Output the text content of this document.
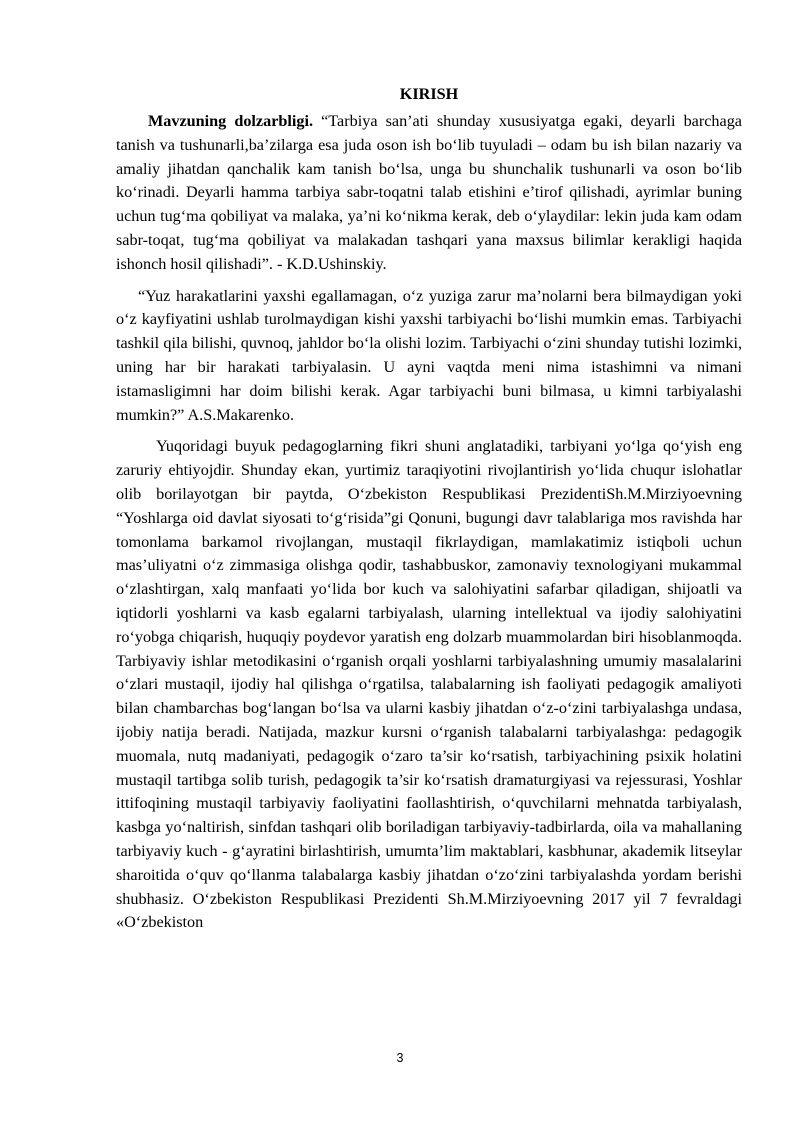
KIRISH

Mavzuning dolzarbligi. “Tarbiya san’ati shunday xususiyatga egaki, deyarli barchaga tanish va tushunarli,ba’zilarga esa juda oson ish bo‘lib tuyuladi – odam bu ish bilan nazariy va amaliy jihatdan qanchalik kam tanish bo‘lsa, unga bu shunchalik tushunarli va oson bo‘lib ko‘rinadi. Deyarli hamma tarbiya sabr-toqatni talab etishini e’tirof qilishadi, ayrimlar buning uchun tug‘ma qobiliyat va malaka, ya’ni ko‘nikma kerak, deb o‘ylaydilar: lekin juda kam odam sabr-toqat, tug‘ma qobiliyat va malakadan tashqari yana maxsus bilimlar kerakligi haqida ishonch hosil qilishadi”. - K.D.Ushinskiy.

“Yuz harakatlarini yaxshi egallamagan, o‘z yuziga zarur ma’nolarni bera bilmaydigan yoki o‘z kayfiyatini ushlab turolmaydigan kishi yaxshi tarbiyachi bo‘lishi mumkin emas. Tarbiyachi tashkil qila bilishi, quvnoq, jahldor bo‘la olishi lozim. Tarbiyachi o‘zini shunday tutishi lozimki, uning har bir harakati tarbiyalasin. U ayni vaqtda meni nima istashimni va nimani istamasligimni har doim bilishi kerak. Agar tarbiyachi buni bilmasa, u kimni tarbiyalashi mumkin?” A.S.Makarenko.

Yuqoridagi buyuk pedagoglarning fikri shuni anglatadiki, tarbiyani yo‘lga qo‘yish eng zaruriy ehtiyojdir. Shunday ekan, yurtimiz taraqiyotini rivojlantirish yo‘lida chuqur islohatlar olib borilayotgan bir paytda, O‘zbekiston Respublikasi PrezidentiSh.M.Mirziyoevning “Yoshlarga oid davlat siyosati to‘g‘risida”gi Qonuni, bugungi davr talablariga mos ravishda har tomonlama barkamol rivojlangan, mustaqil fikrlaydigan, mamlakatimiz istiqboli uchun mas’uliyatni o‘z zimmasiga olishga qodir, tashabbuskor, zamonaviy texnologiyani mukammal o‘zlashtirgan, xalq manfaati yo‘lida bor kuch va salohiyatini safarbar qiladigan, shijoatli va iqtidorli yoshlarni va kasb egalarni tarbiyalash, ularning intellektual va ijodiy salohiyatini ro‘yobga chiqarish, huquqiy poydevor yaratish eng dolzarb muammolardan biri hisoblanmoqda. Tarbiyaviy ishlar metodikasini o‘rganish orqali yoshlarni tarbiyalashning umumiy masalalarini o‘zlari mustaqil, ijodiy hal qilishga o‘rgatilsa, talabalarning ish faoliyati pedagogik amaliyoti bilan chambarchas bog‘langan bo‘lsa va ularni kasbiy jihatdan o‘z-o‘zini tarbiyalashga undasa, ijobiy natija beradi. Natijada, mazkur kursni o‘rganish talabalarni tarbiyalashga: pedagogik muomala, nutq madaniyati, pedagogik o‘zaro ta’sir ko‘rsatish, tarbiyachining psixik holatini mustaqil tartibga solib turish, pedagogik ta’sir ko‘rsatish dramaturgiyasi va rejessurasi, Yoshlar ittifoqining mustaqil tarbiyaviy faoliyatini faollashtirish, o‘quvchilarni mehnatda tarbiyalash, kasbga yo‘naltirish, sinfdan tashqari olib boriladigan tarbiyaviy-tadbirlarda, oila va mahallaning tarbiyaviy kuch - g‘ayratini birlashtirish, umumta’lim maktablari, kasbhunar, akademik litseylar sharoitida o‘quv qo‘llanma talabalarga kasbiy jihatdan o‘zo‘zini tarbiyalashda yordam berishi shubhasiz. O‘zbekiston Respublikasi Prezidenti Sh.M.Mirziyoevning 2017 yil 7 fevraldagi «O‘zbekiston

3
